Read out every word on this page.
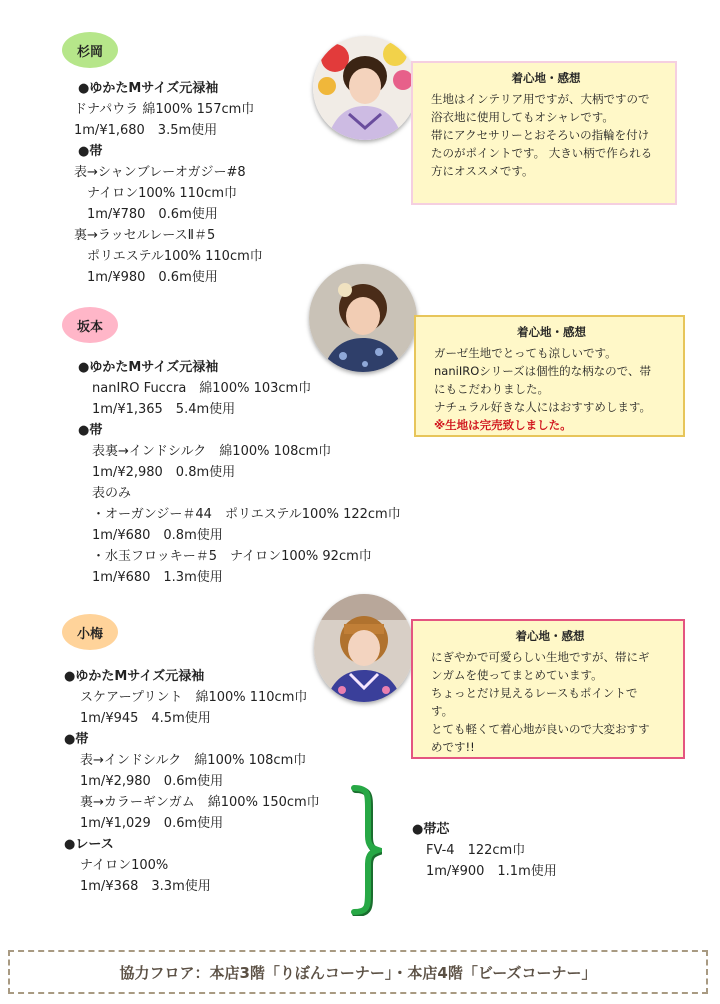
杉岡
●ゆかたMサイズ元禄袖
ドナパウラ 綿100% 157cm巾
1m/¥1,680　3.5m使用
●帯
表→シャンブレーオガジー#8
　ナイロン100% 110cm巾
　1m/¥780　0.6m使用
裏→ラッセルレースⅡ＃5
　ポリエステル100% 110cm巾
　1m/¥980　0.6m使用
着心地・感想

生地はインテリア用ですが、大柄ですので

浴衣地に使用してもオシャレです。

帯にアクセサリーとおそろいの指輪を付け

たのがポイントです。 大きい柄で作られる

方にオススメです。

坂本
●ゆかたMサイズ元禄袖
nanIRO Fuccra　綿100% 103cm巾
1m/¥1,365　5.4m使用
●帯
表裏→インドシルク　綿100% 108cm巾
1m/¥2,980　0.8m使用
表のみ
・オーガンジー＃44　ポリエステル100% 122cm巾
1m/¥680　0.8m使用
・水玉フロッキー＃5　ナイロン100% 92cm巾
1m/¥680　1.3m使用
着心地・感想

ガーゼ生地でとっても涼しいです。

naniIROシリーズは個性的な柄なので、帯

にもこだわりました。

ナチュラル好きな人にはおすすめします。

※生地は完売致しました。

小梅
●ゆかたMサイズ元禄袖
スケアープリント　綿100% 110cm巾
1m/¥945　4.5m使用
●帯
表→インドシルク　綿100% 108cm巾
1m/¥2,980　0.6m使用
裏→カラーギンガム　綿100% 150cm巾
1m/¥1,029　0.6m使用
●レース
ナイロン100%
1m/¥368　3.3m使用
●帯芯
FV-4　122cm巾
1m/¥900　1.1m使用
着心地・感想

にぎやかで可愛らしい生地ですが、帯にギ

ンガムを使ってまとめています。

ちょっとだけ見えるレースもポイントで

す。

とても軽くて着心地が良いので大変おすす

めです!!

協力フロア：本店3階「りぼんコーナー」・本店4階「ビーズコーナー」
